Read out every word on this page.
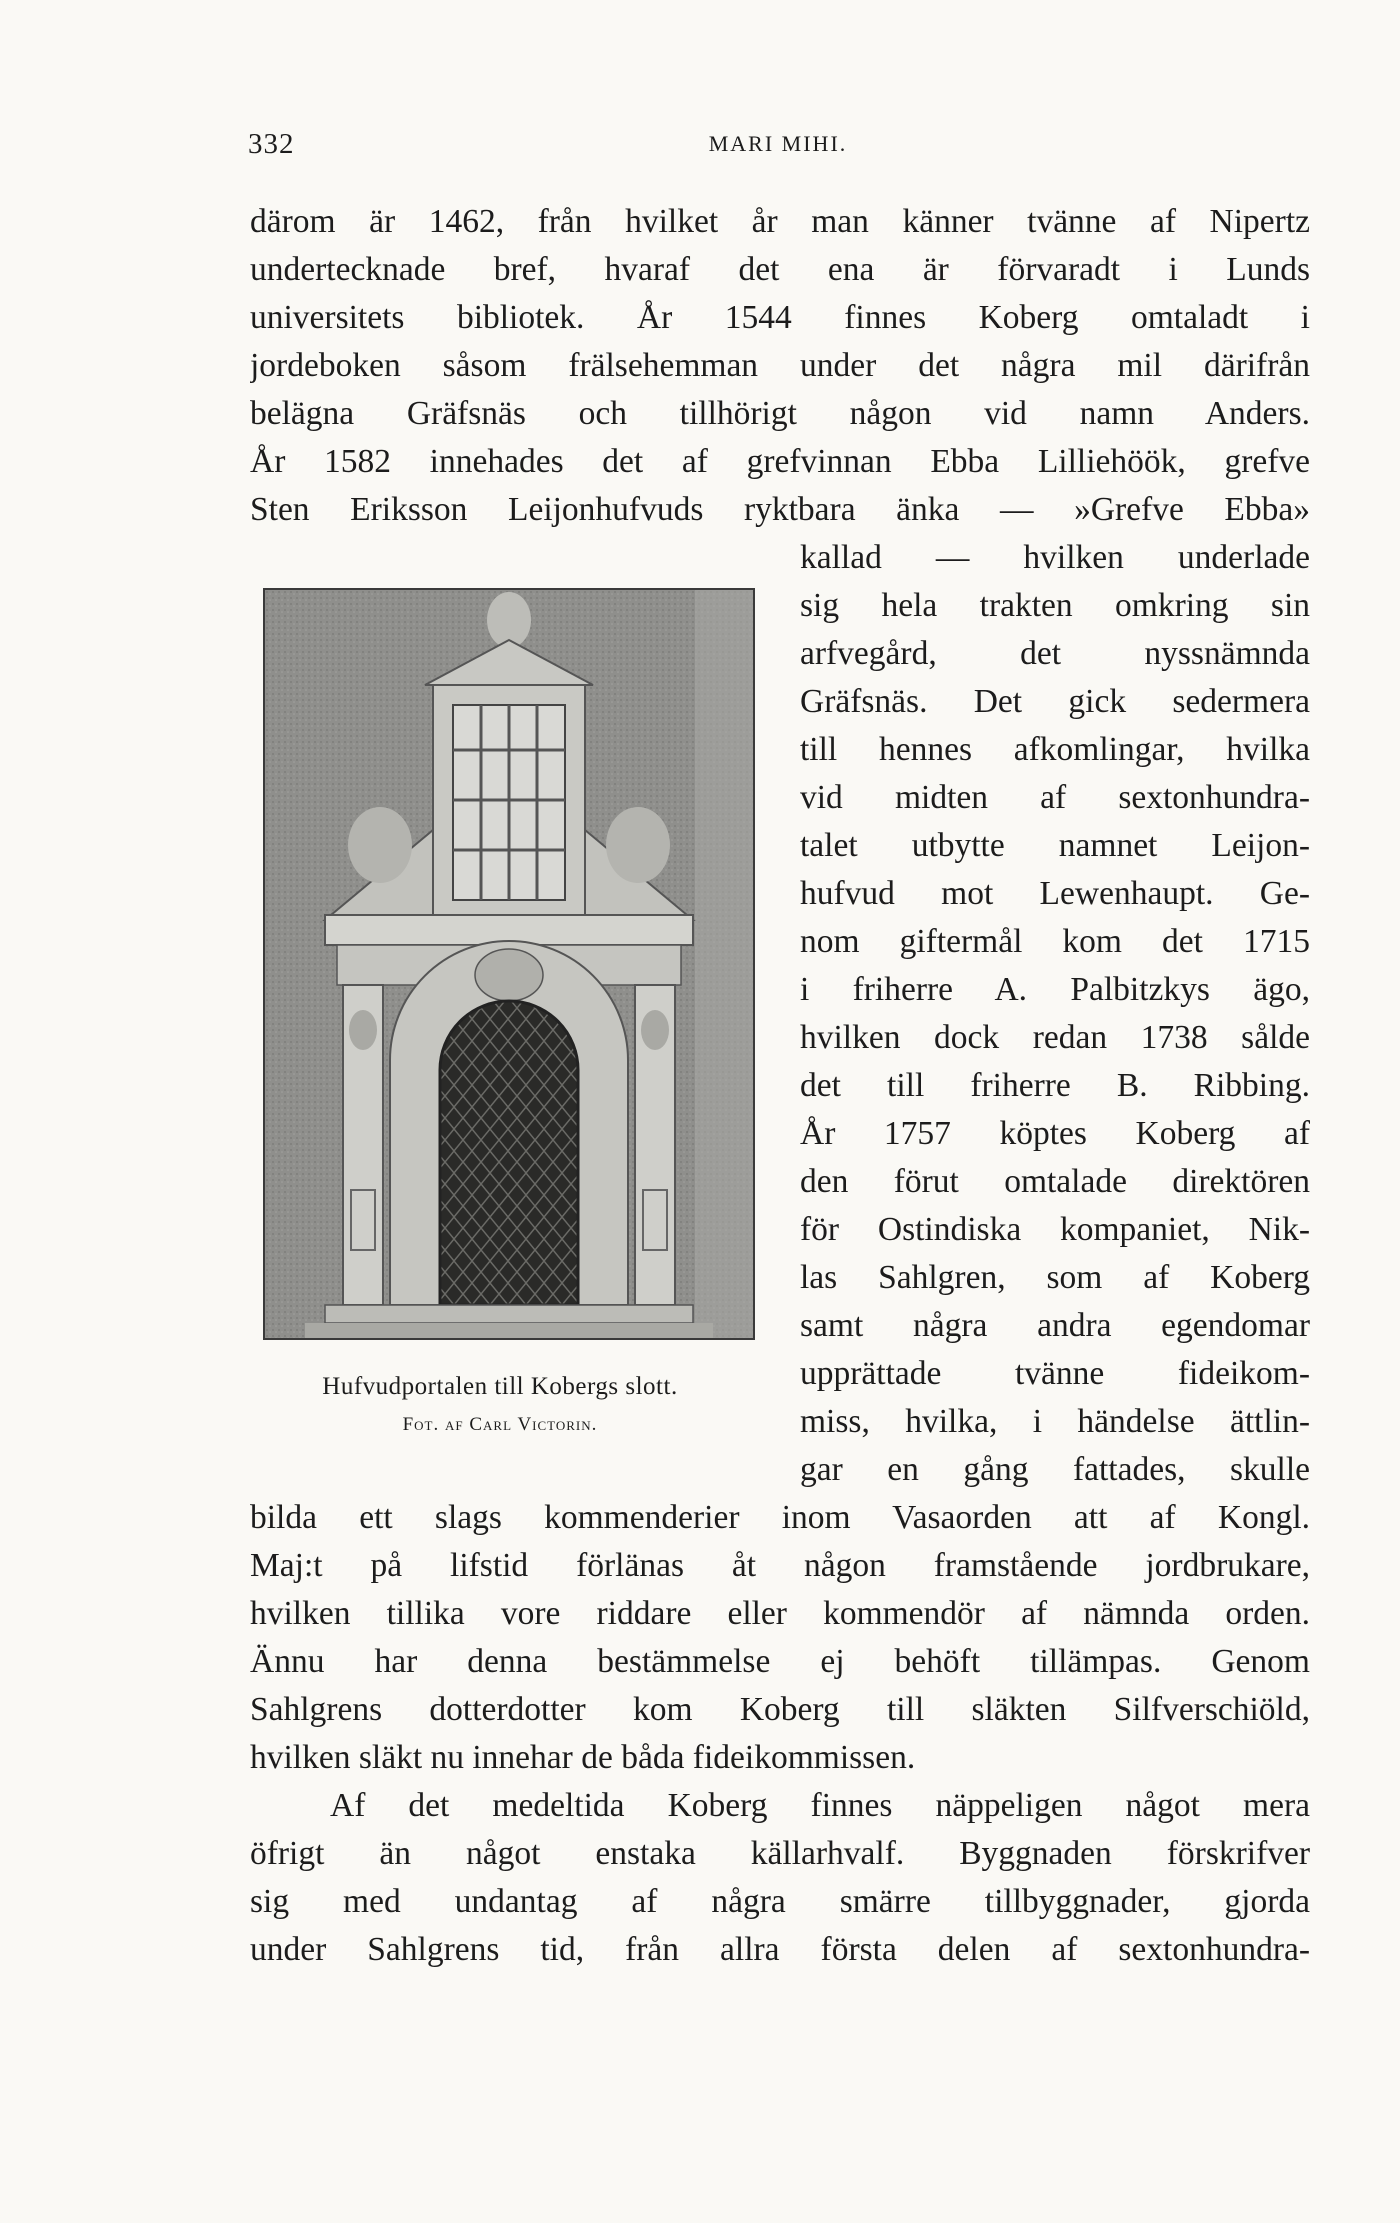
332	MARI MIHI.
därom är 1462, från hvilket år man känner tvänne af Nipertz
undertecknade bref, hvaraf det ena är förvaradt i Lunds
universitets bibliotek. År 1544 finnes Koberg omtaladt i
jordeboken såsom frälsehemman under det några mil därifrån
belägna Gräfsnäs och tillhörigt någon vid namn Anders.
År 1582 innehades det af grefvinnan Ebba Lilliehöök, grefve
Sten Eriksson Leijonhufvuds ryktbara änka — »Grefve Ebba»
kallad — hvilken underlade
sig hela trakten omkring sin
arfvegård, det nyssnämnda
Gräfsnäs. Det gick sedermera
till hennes afkomlingar, hvilka
vid midten af sextonhundra-
talet utbytte namnet Leijon-
hufvud mot Lewenhaupt. Ge-
nom giftermål kom det 1715
i friherre A. Palbitzkys ägo,
hvilken dock redan 1738 sålde
det till friherre B. Ribbing.
År 1757 köptes Koberg af
den förut omtalade direktören
för Ostindiska kompaniet, Nik-
las Sahlgren, som af Koberg
samt några andra egendomar
upprättade tvänne fideikom-
miss, hvilka, i händelse ättlin-
gar en gång fattades, skulle
bilda ett slags kommenderier inom Vasaorden att af Kongl.
Maj:t på lifstid förlänas åt någon framstående jordbrukare,
hvilken tillika vore riddare eller kommendör af nämnda orden.
Ännu har denna bestämmelse ej behöft tillämpas. Genom
Sahlgrens dotterdotter kom Koberg till släkten Silfverschiöld,
hvilken släkt nu innehar de båda fideikommissen.
Af det medeltida Koberg finnes näppeligen något mera
öfrigt än något enstaka källarhvalf. Byggnaden förskrifver
sig med undantag af några smärre tillbyggnader, gjorda
under Sahlgrens tid, från allra första delen af sextonhundra-
Hufvudportalen till Kobergs slott.
Fot. af Carl Victorin.
